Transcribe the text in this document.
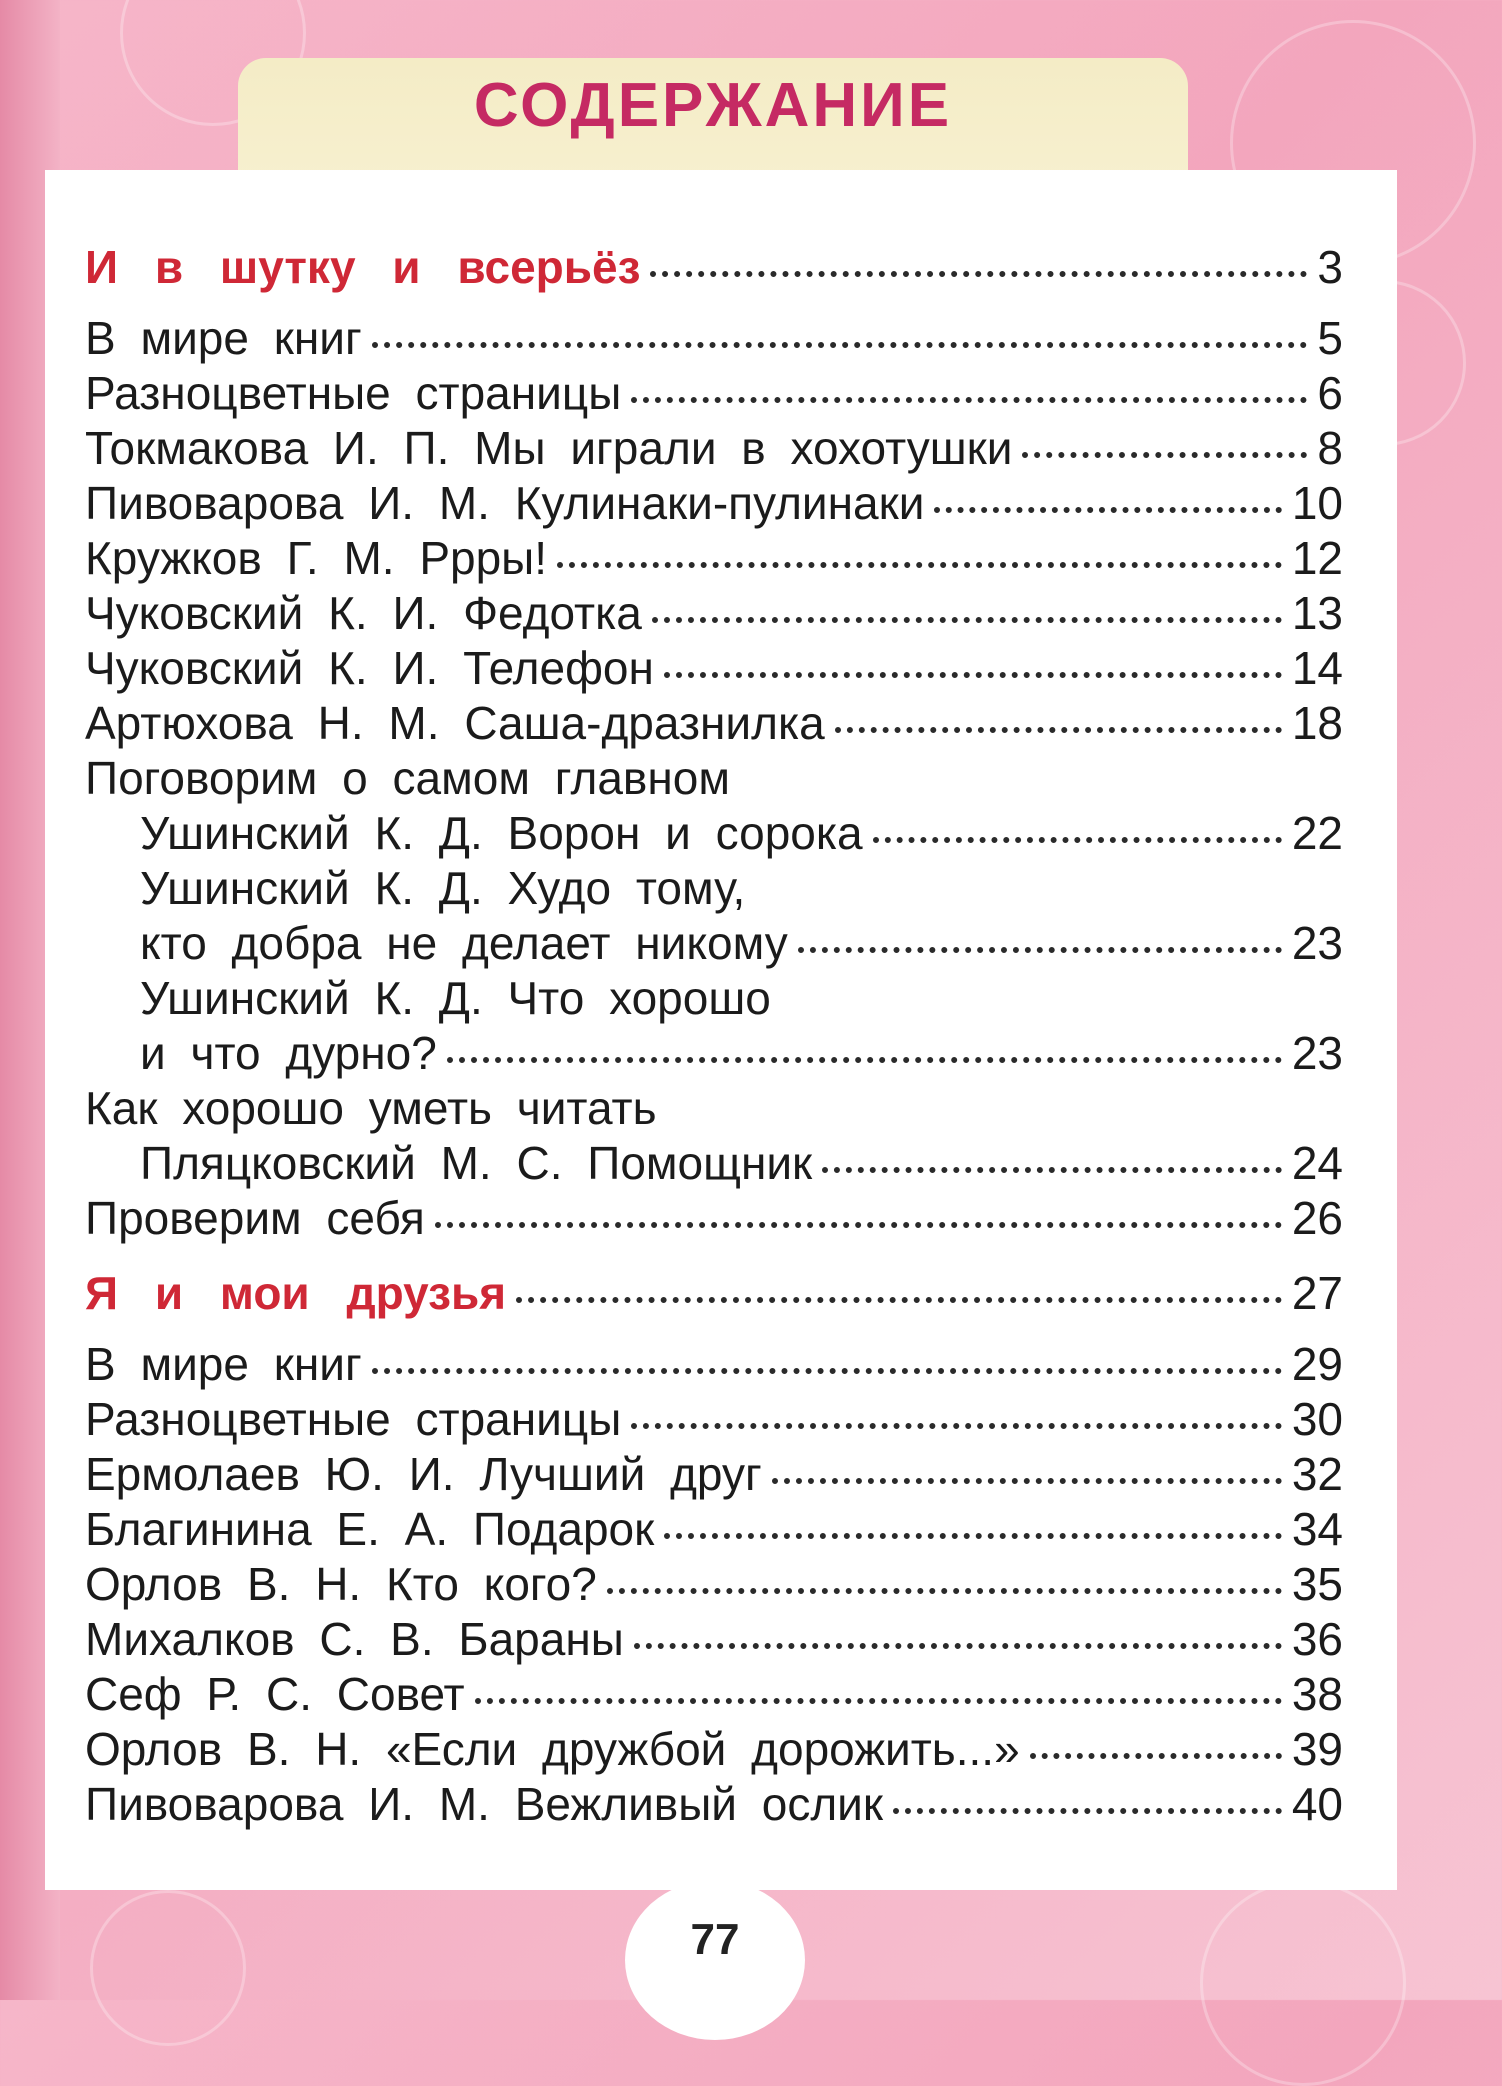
СОДЕРЖАНИЕ
И в шутку и всерьёз	3
В мире книг	5
Разноцветные страницы	6
Токмакова И. П. Мы играли в хохотушки	8
Пивоварова И. М. Кулинаки-пулинаки	10
Кружков Г. М. Ррры!	12
Чуковский К. И. Федотка	13
Чуковский К. И. Телефон	14
Артюхова Н. М. Саша-дразнилка	18
Поговорим о самом главном
Ушинский К. Д. Ворон и сорока	22
Ушинский К. Д. Худо тому,
кто добра не делает никому	23
Ушинский К. Д. Что хорошо
и что дурно?	23
Как хорошо уметь читать
Пляцковский М. С. Помощник	24
Проверим себя	26
Я и мои друзья	27
В мире книг	29
Разноцветные страницы	30
Ермолаев Ю. И. Лучший друг	32
Благинина Е. А. Подарок	34
Орлов В. Н. Кто кого?	35
Михалков С. В. Бараны	36
Сеф Р. С. Совет	38
Орлов В. Н. «Если дружбой дорожить...»	39
Пивоварова И. М. Вежливый ослик	40
77
